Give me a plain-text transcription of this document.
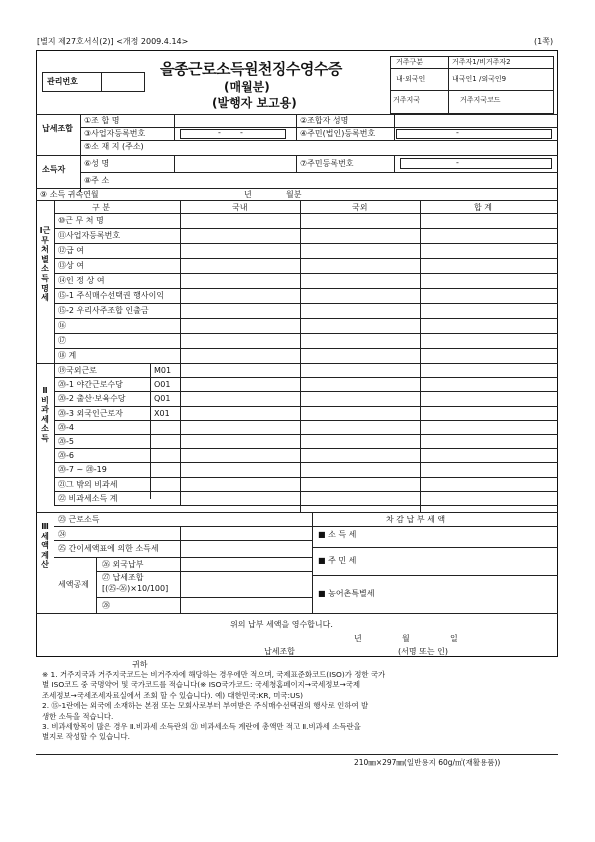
[별지 제27호서식(2)] <개정 2009.4.14>	(1쪽)
관리번호
을종근로소득원천징수영수증
(매월분)
(발행자 보고용)
거주구분	거주자1/비거주자2
내·외국인	내국인1 /외국인9
거주지국	거주지국코드
납세조합
①조 합 명	②조합자 성명
③사업자등록번호	④주민(법인)등록번호
- -	-
⑤소 재 지 (주소)
소득자
⑥성 명	⑦주민등록번호	-
⑧주 소
⑨ 소득 귀속연월	년	월분
구 분	국내	국외	합 계
Ⅰ근무처별소득명세
⑩근 무 처 명
⑪사업자등록번호
⑫급 여
⑬상 여
⑭인 정 상 여
⑮-1 주식매수선택권 행사이익
⑮-2 우리사주조합 인출금
⑯
⑰
⑱ 계
Ⅱ비과세소득
⑲국외근로	M01
⑳-1 야간근로수당	O01
⑳-2 출산·보육수당	Q01
⑳-3 외국인근로자	X01
⑳-4
⑳-5
⑳-6
⑳-7 ~ ⑳-19
㉑그 밖의 비과세
㉒ 비과세소득 계
Ⅲ세액계산
㉓ 근로소득
㉔
㉕ 간이세액표에 의한 소득세
세액공제
㉖ 외국납부
㉗ 납세조합
[(㉕-㉖)×10/100]
㉘
차 감 납 부 세 액
■ 소 득 세
■ 주 민 세
■ 농어촌특별세
위의 납부 세액을 영수합니다.
년	월	일
납세조합	(서명 또는 인)
귀하
※ 1. 거주지국과 거주지국코드는 비거주자에 해당하는 경우에만 적으며, 국제표준화코드(ISO)가 정한 국가
별 ISO코드 중 국명약어 및 국가코드를 적습니다(※ ISO국가코드: 국세청홈페이지→국세정보→국제
조세정보→국세조세자료실에서 조회 할 수 있습니다). 예) 대한민국:KR, 미국:US)
2. ⑮-1란에는 외국에 소재하는 본점 또는 모회사로부터 부여받은 주식매수선택권의 행사로 인하여 발
생한 소득을 적습니다.
3. 비과세항목이 많은 경우 Ⅱ.비과세 소득란의 ㉑ 비과세소득 계란에 총액만 적고 Ⅱ.비과세 소득란을
별지로 작성할 수 있습니다.
210㎜×297㎜(일반용지 60g/㎡(재활용품))
